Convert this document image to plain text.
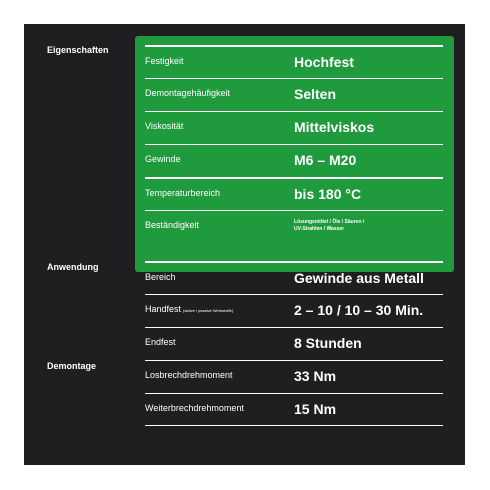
Eigenschaften
Anwendung
Demontage
Festigkeit	Hochfest
Demontagehäufigkeit	Selten
Viskosität	Mittelviskos
Gewinde	M6 – M20
Temperaturbereich	bis 180 °C
Beständigkeit	Lösungsmittel / Öle / Säuren /
UV-Strahlen / Wasser
Bereich	Gewinde aus Metall
Handfest (aktive / passive Werkstoffe)	2 – 10 / 10 – 30 Min.
Endfest	8 Stunden
Losbrechdrehmoment	33 Nm
Weiterbrechdrehmoment	15 Nm
